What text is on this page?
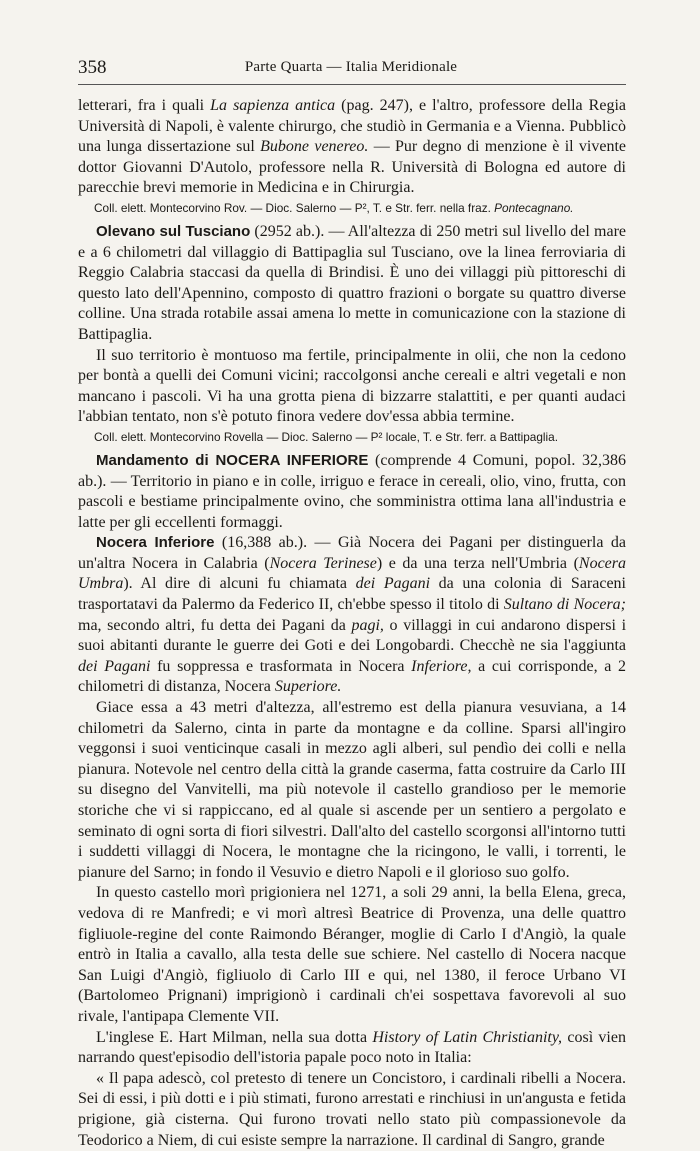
358	Parte Quarta — Italia Meridionale

letterari, fra i quali La sapienza antica (pag. 247), e l'altro, professore della Regia Università di Napoli, è valente chirurgo, che studiò in Germania e a Vienna. Pubblicò una lunga dissertazione sul Bubone venereo. — Pur degno di menzione è il vivente dottor Giovanni D'Autolo, professore nella R. Università di Bologna ed autore di parecchie brevi memorie in Medicina e in Chirurgia.

Coll. elett. Montecorvino Rov. — Dioc. Salerno — P², T. e Str. ferr. nella fraz. Pontecagnano.

Olevano sul Tusciano (2952 ab.). — All'altezza di 250 metri sul livello del mare e a 6 chilometri dal villaggio di Battipaglia sul Tusciano, ove la linea ferroviaria di Reggio Calabria staccasi da quella di Brindisi. È uno dei villaggi più pittoreschi di questo lato dell'Apennino, composto di quattro frazioni o borgate su quattro diverse colline. Una strada rotabile assai amena lo mette in comunicazione con la stazione di Battipaglia.

Il suo territorio è montuoso ma fertile, principalmente in olii, che non la cedono per bontà a quelli dei Comuni vicini; raccolgonsi anche cereali e altri vegetali e non mancano i pascoli. Vi ha una grotta piena di bizzarre stalattiti, e per quanti audaci l'abbian tentato, non s'è potuto finora vedere dov'essa abbia termine.

Coll. elett. Montecorvino Rovella — Dioc. Salerno — P² locale, T. e Str. ferr. a Battipaglia.

Mandamento di NOCERA INFERIORE (comprende 4 Comuni, popol. 32,386 ab.). — Territorio in piano e in colle, irriguo e ferace in cereali, olio, vino, frutta, con pascoli e bestiame principalmente ovino, che somministra ottima lana all'industria e latte per gli eccellenti formaggi.

Nocera Inferiore (16,388 ab.). — Già Nocera dei Pagani per distinguerla da un'altra Nocera in Calabria (Nocera Terinese) e da una terza nell'Umbria (Nocera Umbra). Al dire di alcuni fu chiamata dei Pagani da una colonia di Saraceni trasportatavi da Palermo da Federico II, ch'ebbe spesso il titolo di Sultano di Nocera; ma, secondo altri, fu detta dei Pagani da pagi, o villaggi in cui andarono dispersi i suoi abitanti durante le guerre dei Goti e dei Longobardi. Checchè ne sia l'aggiunta dei Pagani fu soppressa e trasformata in Nocera Inferiore, a cui corrisponde, a 2 chilometri di distanza, Nocera Superiore.

Giace essa a 43 metri d'altezza, all'estremo est della pianura vesuviana, a 14 chilometri da Salerno, cinta in parte da montagne e da colline. Sparsi all'ingiro veggonsi i suoi venticinque casali in mezzo agli alberi, sul pendìo dei colli e nella pianura. Notevole nel centro della città la grande caserma, fatta costruire da Carlo III su disegno del Vanvitelli, ma più notevole il castello grandioso per le memorie storiche che vi si rappiccano, ed al quale si ascende per un sentiero a pergolato e seminato di ogni sorta di fiori silvestri. Dall'alto del castello scorgonsi all'intorno tutti i suddetti villaggi di Nocera, le montagne che la ricingono, le valli, i torrenti, le pianure del Sarno; in fondo il Vesuvio e dietro Napoli e il glorioso suo golfo.

In questo castello morì prigioniera nel 1271, a soli 29 anni, la bella Elena, greca, vedova di re Manfredi; e vi morì altresì Beatrice di Provenza, una delle quattro figliuole-regine del conte Raimondo Béranger, moglie di Carlo I d'Angiò, la quale entrò in Italia a cavallo, alla testa delle sue schiere. Nel castello di Nocera nacque San Luigi d'Angiò, figliuolo di Carlo III e qui, nel 1380, il feroce Urbano VI (Bartolomeo Prignani) imprigionò i cardinali ch'ei sospettava favorevoli al suo rivale, l'antipapa Clemente VII.

L'inglese E. Hart Milman, nella sua dotta History of Latin Christianity, così vien narrando quest'episodio dell'istoria papale poco noto in Italia:

« Il papa adescò, col pretesto di tenere un Concistoro, i cardinali ribelli a Nocera. Sei di essi, i più dotti e i più stimati, furono arrestati e rinchiusi in un'angusta e fetida prigione, già cisterna. Qui furono trovati nello stato più compassionevole da Teodorico a Niem, di cui esiste sempre la narrazione. Il cardinal di Sangro, grande
